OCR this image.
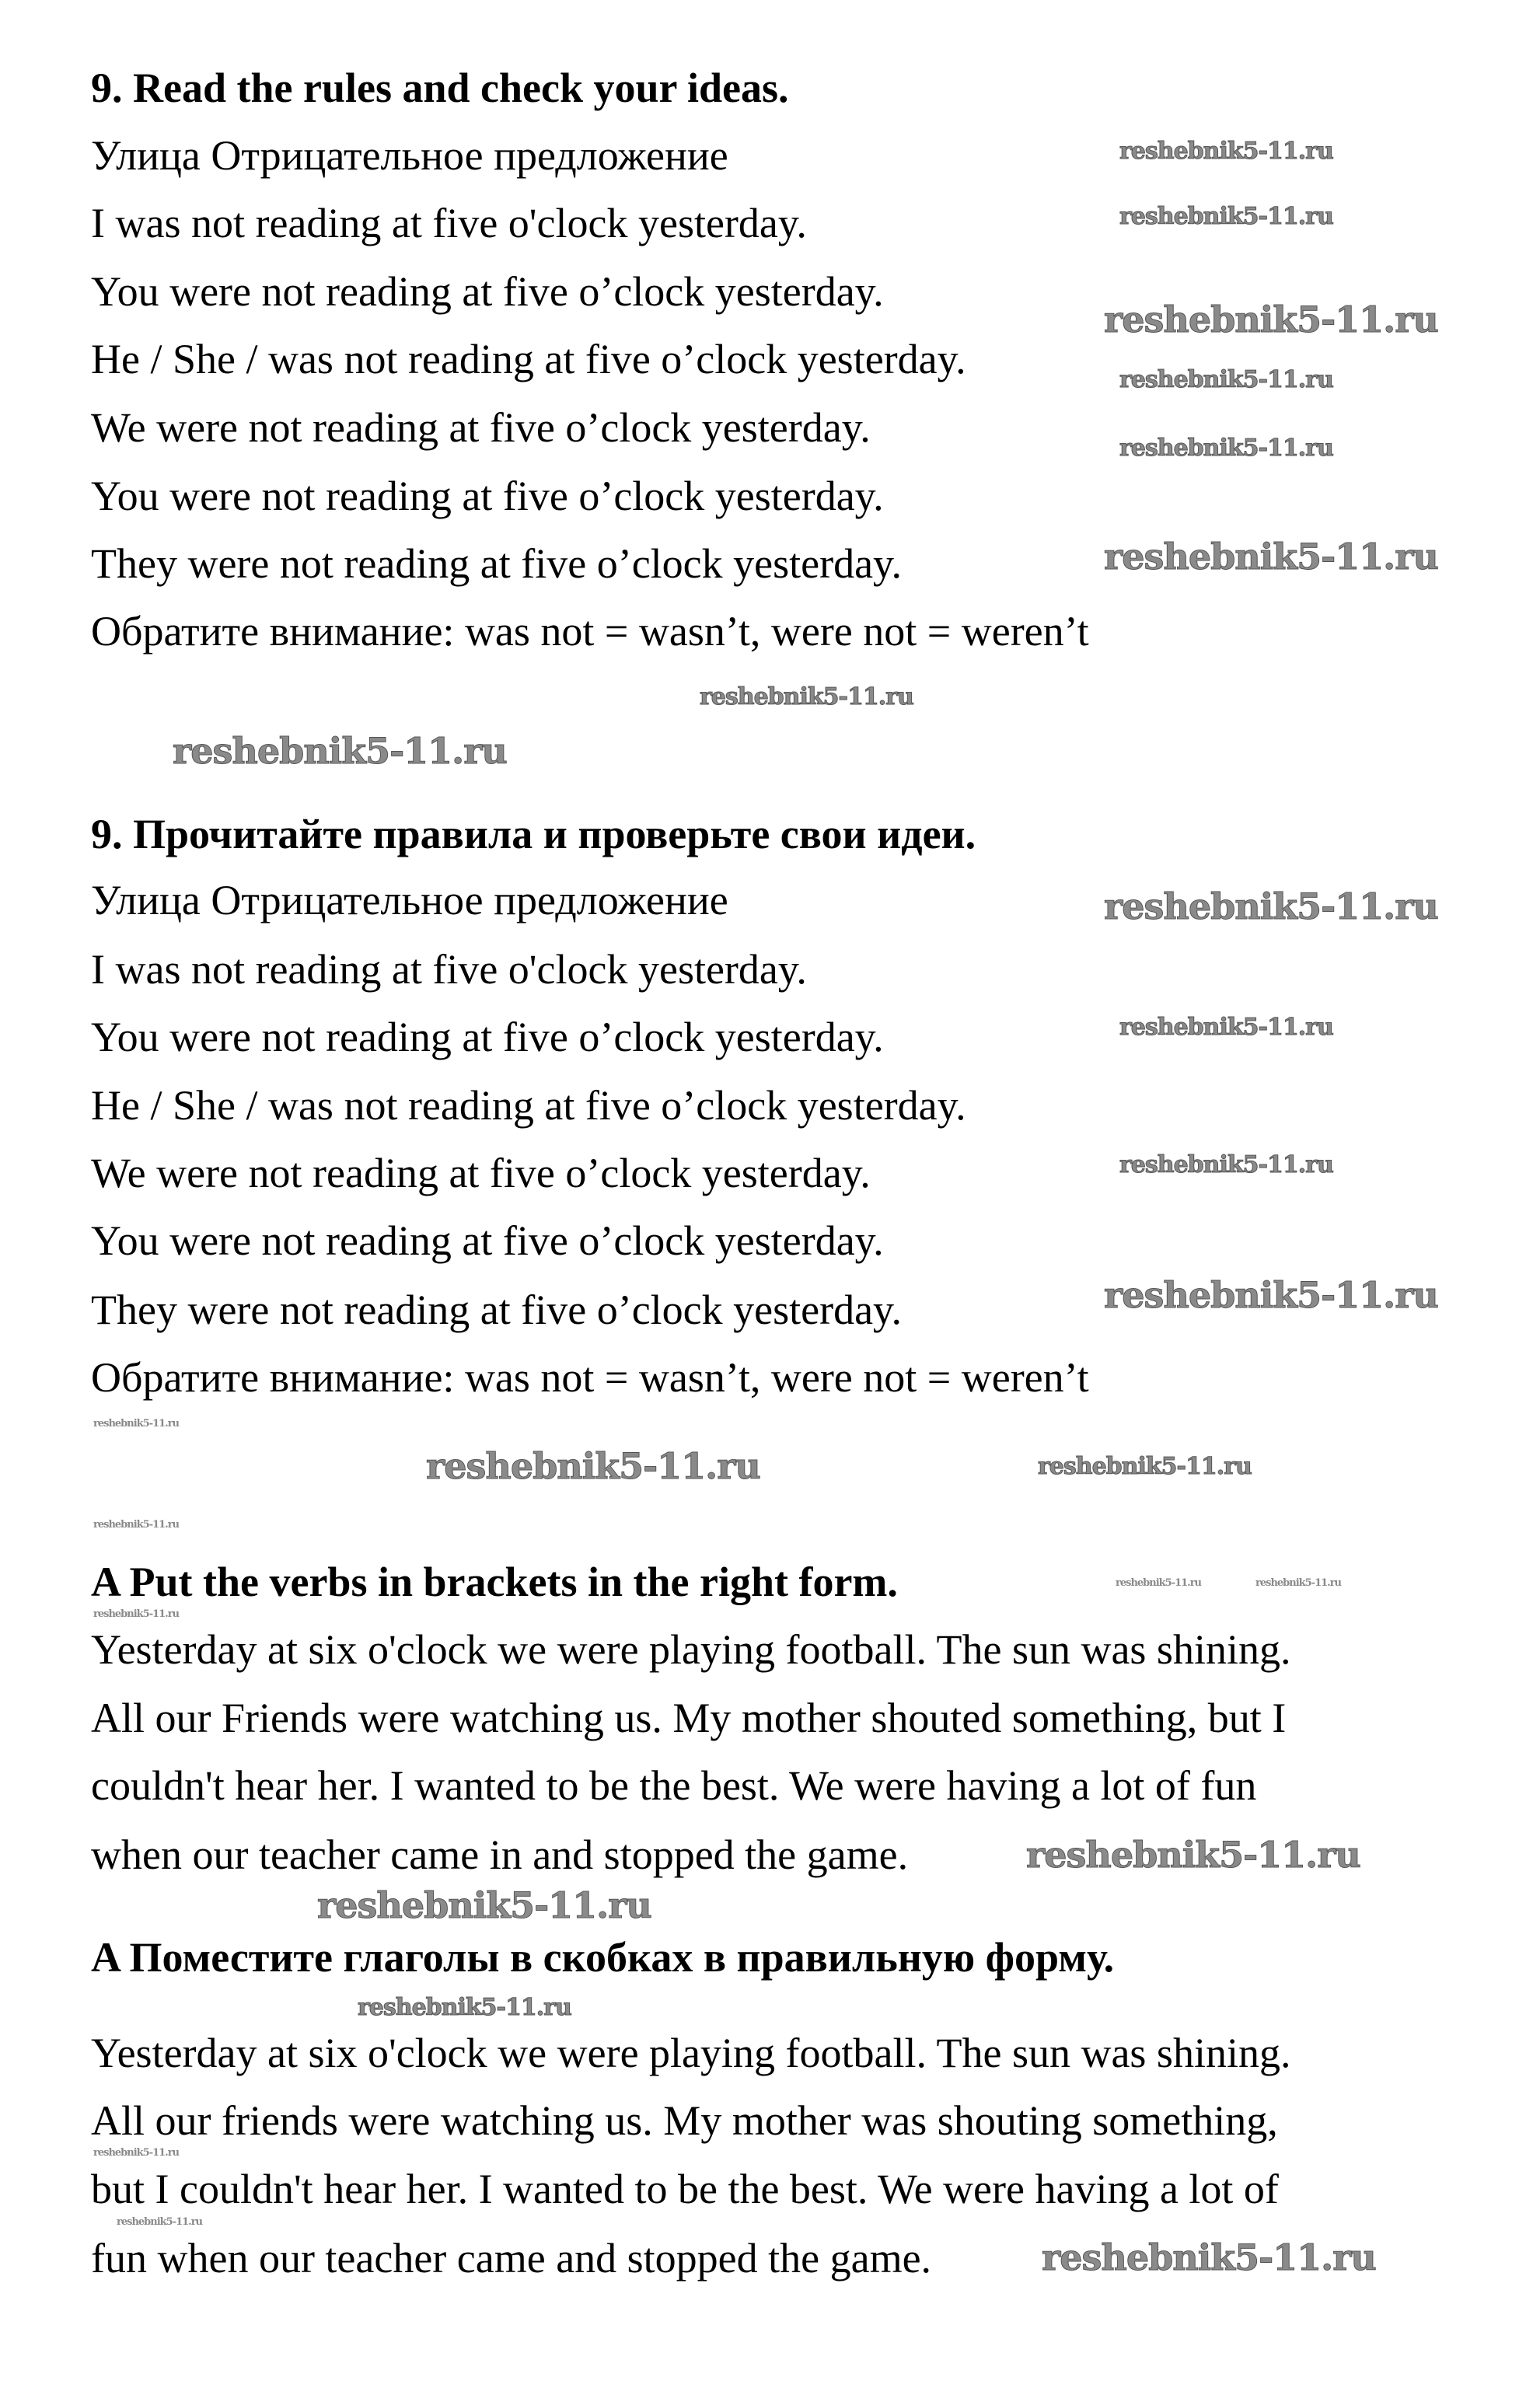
9. Read the rules and check your ideas.
Улица Отрицательное предложение
I was not reading at five o'clock yesterday.
You were not reading at five o’clock yesterday.
He / She / was not reading at five o’clock yesterday.
We were not reading at five o’clock yesterday.
You were not reading at five o’clock yesterday.
They were not reading at five o’clock yesterday.
Обратите внимание: was not = wasn’t, were not = weren’t
9. Прочитайте правила и проверьте свои идеи.
Улица Отрицательное предложение
I was not reading at five o'clock yesterday.
You were not reading at five o’clock yesterday.
He / She / was not reading at five o’clock yesterday.
We were not reading at five o’clock yesterday.
You were not reading at five o’clock yesterday.
They were not reading at five o’clock yesterday.
Обратите внимание: was not = wasn’t, were not = weren’t
A Put the verbs in brackets in the right form.
Yesterday at six o'clock we were playing football. The sun was shining.
All our Friends were watching us. My mother shouted something, but I
couldn't hear her. I wanted to be the best. We were having a lot of fun
when our teacher came in and stopped the game.
A Поместите глаголы в скобках в правильную форму.
Yesterday at six o'clock we were playing football. The sun was shining.
All our friends were watching us. My mother was shouting something,
but I couldn't hear her. I wanted to be the best. We were having a lot of
fun when our teacher came and stopped the game.
reshebnik5-11.ru
reshebnik5-11.ru
reshebnik5-11.ru
reshebnik5-11.ru
reshebnik5-11.ru
reshebnik5-11.ru
reshebnik5-11.ru
reshebnik5-11.ru
reshebnik5-11.ru
reshebnik5-11.ru
reshebnik5-11.ru
reshebnik5-11.ru
reshebnik5-11.ru
reshebnik5-11.ru	reshebnik5-11.ru
reshebnik5-11.ru
reshebnik5-11.ru	reshebnik5-11.ru
reshebnik5-11.ru
reshebnik5-11.ru
reshebnik5-11.ru
reshebnik5-11.ru
reshebnik5-11.ru
reshebnik5-11.ru
reshebnik5-11.ru
